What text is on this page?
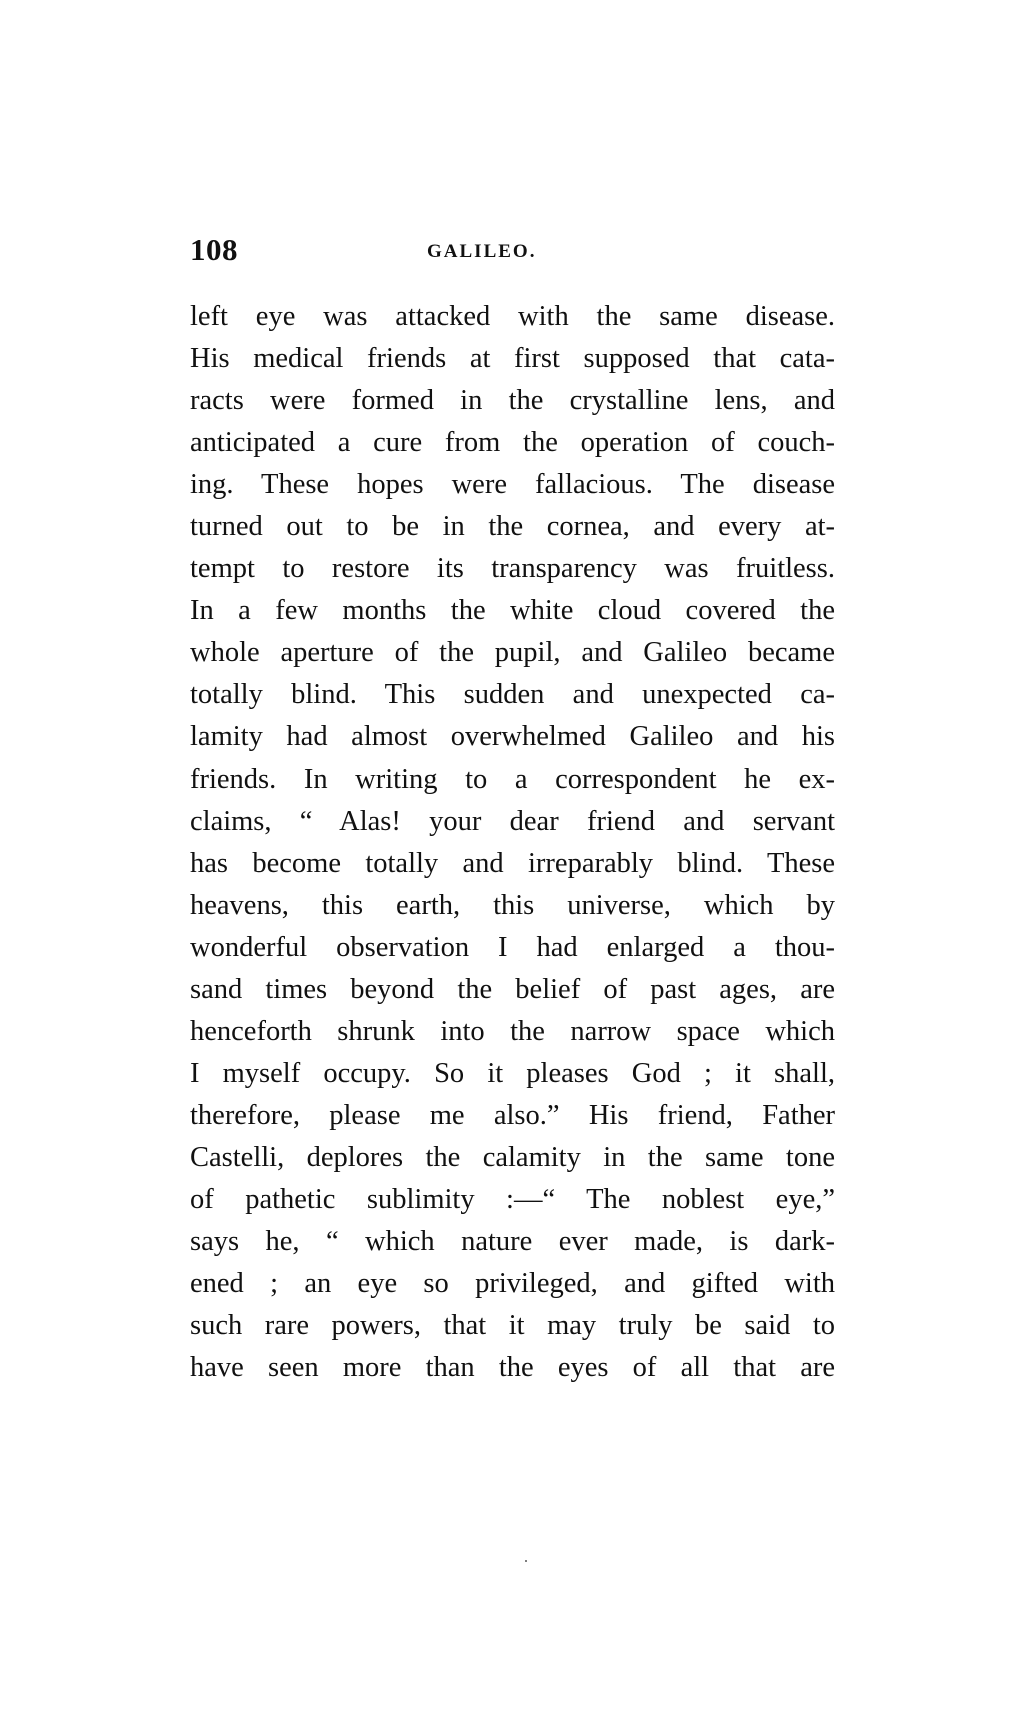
108	GALILEO.
left eye was attacked with the same disease.
His medical friends at first supposed that cata-
racts were formed in the crystalline lens, and
anticipated a cure from the operation of couch-
ing. These hopes were fallacious. The disease
turned out to be in the cornea, and every at-
tempt to restore its transparency was fruitless.
In a few months the white cloud covered the
whole aperture of the pupil, and Galileo became
totally blind. This sudden and unexpected ca-
lamity had almost overwhelmed Galileo and his
friends. In writing to a correspondent he ex-
claims, “ Alas! your dear friend and servant
has become totally and irreparably blind. These
heavens, this earth, this universe, which by
wonderful observation I had enlarged a thou-
sand times beyond the belief of past ages, are
henceforth shrunk into the narrow space which
I myself occupy. So it pleases God ; it shall,
therefore, please me also.” His friend, Father
Castelli, deplores the calamity in the same tone
of pathetic sublimity :—“ The noblest eye,”
says he, “ which nature ever made, is dark-
ened ; an eye so privileged, and gifted with
such rare powers, that it may truly be said to
have seen more than the eyes of all that are
